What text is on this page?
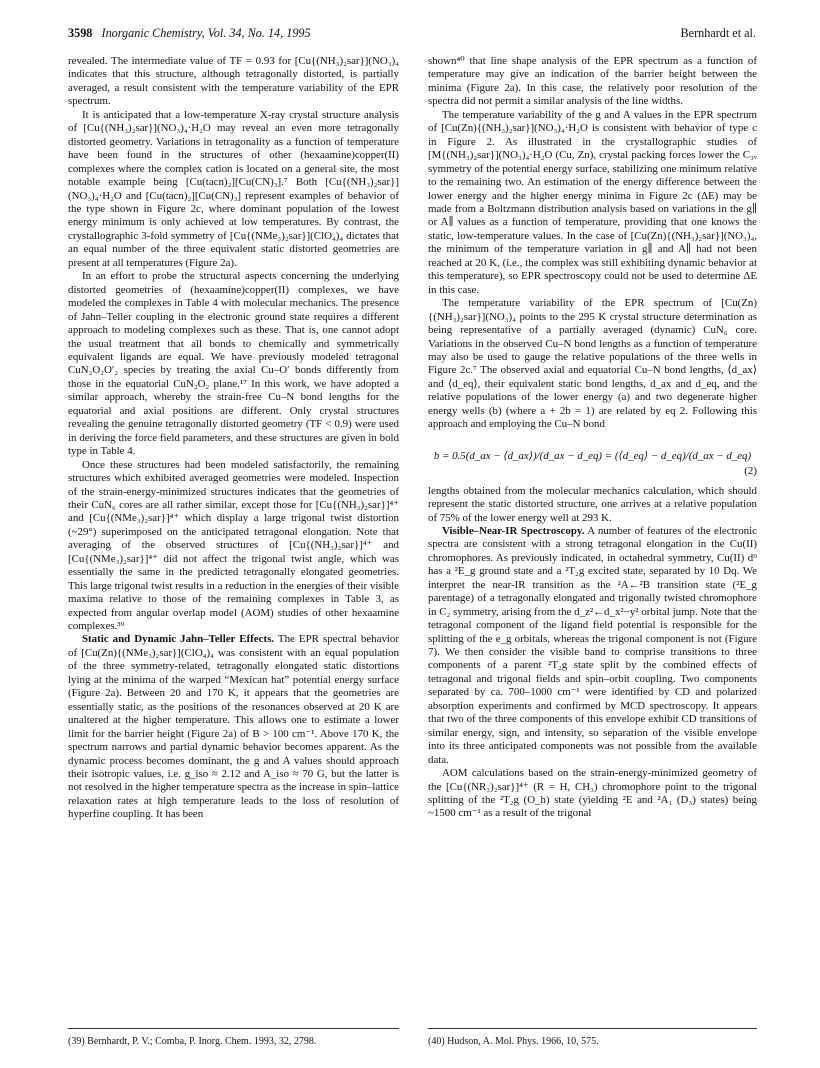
3598 Inorganic Chemistry, Vol. 34, No. 14, 1995	Bernhardt et al.

revealed. The intermediate value of TF = 0.93 for [Cu{(NH₃)₂sar}](NO₃)₄ indicates that this structure, although tetragonally distorted, is partially averaged, a result consistent with the temperature variability of the EPR spectrum.

It is anticipated that a low-temperature X-ray crystal structure analysis of [Cu{(NH₃)₂sar}](NO₃)₄·H₂O may reveal an even more tetragonally distorted geometry. Variations in tetragonality as a function of temperature have been found in the structures of other (hexaamine)copper(II) complexes where the complex cation is located on a general site, the most notable example being [Cu(tacn)₂][Cu(CN)₃].⁷ Both [Cu{(NH₃)₂sar}](NO₃)₄·H₂O and [Cu(tacn)₂][Cu(CN)₃] represent examples of behavior of the type shown in Figure 2c, where dominant population of the lowest energy minimum is only achieved at low temperatures. By contrast, the crystallographic 3-fold symmetry of [Cu{(NMe₃)₂sar}](ClO₄)₄ dictates that an equal number of the three equivalent static distorted geometries are present at all temperatures (Figure 2a).

In an effort to probe the structural aspects concerning the underlying distorted geometries of (hexaamine)copper(II) complexes, we have modeled the complexes in Table 4 with molecular mechanics. The presence of Jahn–Teller coupling in the electronic ground state requires a different approach to modeling complexes such as these. That is, one cannot adopt the usual treatment that all bonds to chemically and symmetrically equivalent ligands are equal. We have previously modeled tetragonal CuN₂O₂O′₂ species by treating the axial Cu–O′ bonds differently from those in the equatorial CuN₂O₂ plane.¹⁷ In this work, we have adopted a similar approach, whereby the strain-free Cu–N bond lengths for the equatorial and axial positions are different. Only crystal structures revealing the genuine tetragonally distorted geometry (TF < 0.9) were used in deriving the force field parameters, and these structures are given in bold type in Table 4.

Once these structures had been modeled satisfactorily, the remaining structures which exhibited averaged geometries were modeled. Inspection of the strain-energy-minimized structures indicates that the geometries of their CuN₆ cores are all rather similar, except those for [Cu{(NH₃)₂sar}]⁴⁺ and [Cu{(NMe₃)₂sar}]⁴⁺ which display a large trigonal twist distortion (~29°) superimposed on the anticipated tetragonal elongation. Note that averaging of the observed structures of [Cu{(NH₃)₂sar}]⁴⁺ and [Cu{(NMe₃)₂sar}]⁴⁺ did not affect the trigonal twist angle, which was essentially the same in the predicted tetragonally elongated geometries. This large trigonal twist results in a reduction in the energies of their visible maxima relative to those of the remaining complexes in Table 3, as expected from angular overlap model (AOM) studies of other hexaamine complexes.³⁹

Static and Dynamic Jahn–Teller Effects. The EPR spectral behavior of [Cu(Zn){(NMe₃)₂sar}](ClO₄)₄ was consistent with an equal population of the three symmetry-related, tetragonally elongated static distortions lying at the minima of the warped “Mexican hat” potential energy surface (Figure 2a). Between 20 and 170 K, it appears that the geometries are essentially static, as the positions of the resonances observed at 20 K are unaltered at the higher temperature. This allows one to estimate a lower limit for the barrier height (Figure 2a) of B > 100 cm⁻¹. Above 170 K, the spectrum narrows and partial dynamic behavior becomes apparent. As the dynamic process becomes dominant, the g and A values should approach their isotropic values, i.e. g_iso ≈ 2.12 and A_iso ≈ 70 G, but the latter is not resolved in the higher temperature spectra as the increase in spin–lattice relaxation rates at high temperature leads to the loss of resolution of hyperfine coupling. It has been

shown⁴⁰ that line shape analysis of the EPR spectrum as a function of temperature may give an indication of the barrier height between the minima (Figure 2a). In this case, the relatively poor resolution of the spectra did not permit a similar analysis of the line widths.

The temperature variability of the g and A values in the EPR spectrum of [Cu(Zn){(NH₃)₂sar}](NO₃)₄·H₂O is consistent with behavior of type c in Figure 2. As illustrated in the crystallographic studies of [M{(NH₃)₂sar}](NO₃)₄·H₂O (Cu, Zn), crystal packing forces lower the C₃ᵥ symmetry of the potential energy surface, stabilizing one minimum relative to the remaining two. An estimation of the energy difference between the lower energy and the higher energy minima in Figure 2c (ΔE) may be made from a Boltzmann distribution analysis based on variations in the g∥ or A∥ values as a function of temperature, providing that one knows the static, low-temperature values. In the case of [Cu(Zn){(NH₃)₂sar}](NO₃)₄, the minimum of the temperature variation in g∥ and A∥ had not been reached at 20 K, (i.e., the complex was still exhibiting dynamic behavior at this temperature), so EPR spectroscopy could not be used to determine ΔE in this case.

The temperature variability of the EPR spectrum of [Cu(Zn){(NH₃)₂sar}](NO₃)₄ points to the 295 K crystal structure determination as being representative of a partially averaged (dynamic) CuN₆ core. Variations in the observed Cu–N bond lengths as a function of temperature may also be used to gauge the relative populations of the three wells in Figure 2c.⁷ The observed axial and equatorial Cu–N bond lengths, ⟨d_ax⟩ and ⟨d_eq⟩, their equivalent static bond lengths, d_ax and d_eq, and the relative populations of the lower energy (a) and two degenerate higher energy wells (b) (where a + 2b = 1) are related by eq 2. Following this approach and employing the Cu–N bond

b = 0.5(d_ax − ⟨d_ax⟩)/(d_ax − d_eq) = (⟨d_eq⟩ − d_eq)/(d_ax − d_eq)
(2)

lengths obtained from the molecular mechanics calculation, which should represent the static distorted structure, one arrives at a relative population of 75% of the lower energy well at 293 K.

Visible–Near-IR Spectroscopy. A number of features of the electronic spectra are consistent with a strong tetragonal elongation in the Cu(II) chromophores. As previously indicated, in octahedral symmetry, Cu(II) d⁹ has a ²E_g ground state and a ²T₂g excited state, separated by 10 Dq. We interpret the near-IR transition as the ²A←²B transition state (²E_g parentage) of a tetragonally elongated and trigonally twisted chromophore in C₂ symmetry, arising from the d_z²←d_x²−y² orbital jump. Note that the tetragonal component of the ligand field potential is responsible for the splitting of the e_g orbitals, whereas the trigonal component is not (Figure 7). We then consider the visible band to comprise transitions to three components of a parent ²T₂g state split by the combined effects of tetragonal and trigonal fields and spin–orbit coupling. Two components separated by ca. 700–1000 cm⁻¹ were identified by CD and polarized absorption experiments and confirmed by MCD spectroscopy. It appears that two of the three components of this envelope exhibit CD transitions of similar energy, sign, and intensity, so separation of the visible envelope into its three anticipated components was not possible from the available data.

AOM calculations based on the strain-energy-minimized geometry of the [Cu{(NR₃)₂sar}]⁴⁺ (R = H, CH₃) chromophore point to the trigonal splitting of the ²T₂g (O_h) state (yielding ²E and ²A₁ (D₃) states) being ~1500 cm⁻¹ as a result of the trigonal

(39) Bernhardt, P. V.; Comba, P. Inorg. Chem. 1993, 32, 2798.	(40) Hudson, A. Mol. Phys. 1966, 10, 575.
